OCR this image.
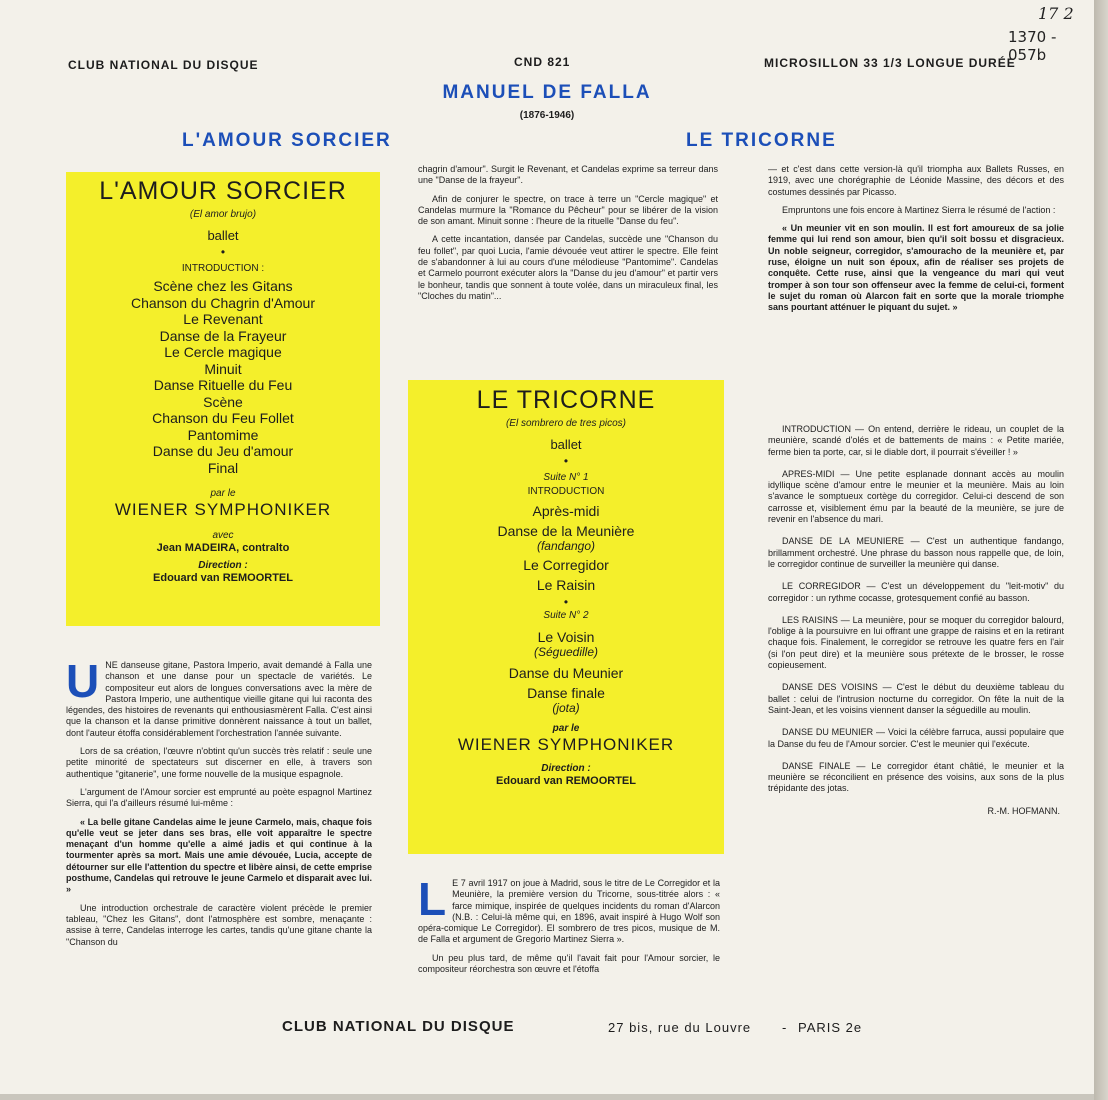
17 2
1370 - 057b
CLUB NATIONAL DU DISQUE	CND 821	MICROSILLON 33 1/3 LONGUE DURÉE
MANUEL DE FALLA
(1876-1946)
L'AMOUR SORCIER	LE TRICORNE
L'AMOUR SORCIER
(El amor brujo)
ballet
•
INTRODUCTION :
Scène chez les Gitans
Chanson du Chagrin d'Amour
Le Revenant
Danse de la Frayeur
Le Cercle magique
Minuit
Danse Rituelle du Feu
Scène
Chanson du Feu Follet
Pantomime
Danse du Jeu d'amour
Final
par le
WIENER SYMPHONIKER
avec
Jean MADEIRA, contralto
Direction :
Edouard van REMOORTEL
LE TRICORNE
(El sombrero de tres picos)
ballet
•
Suite N° 1
INTRODUCTION
Après-midi
Danse de la Meunière
(fandango)
Le Corregidor
Le Raisin
•
Suite N° 2
Le Voisin
(Séguedille)
Danse du Meunier
Danse finale
(jota)
par le
WIENER SYMPHONIKER
Direction :
Edouard van REMOORTEL

UNE danseuse gitane, Pastora Imperio, avait demandé à Falla une chanson et une danse pour un spectacle de variétés. Le compositeur eut alors de longues conversations avec la mère de Pastora Imperio, une authentique vieille gitane qui lui raconta des légendes, des histoires de revenants qui enthousiasmèrent Falla. C'est ainsi que la chanson et la danse primitive donnèrent naissance à tout un ballet, dont l'auteur étoffa considérablement l'orchestration l'année suivante.

Lors de sa création, l'œuvre n'obtint qu'un succès très relatif : seule une petite minorité de spectateurs sut discerner en elle, à travers son authentique "gitanerie", une forme nouvelle de la musique espagnole.

L'argument de l'Amour sorcier est emprunté au poète espagnol Martinez Sierra, qui l'a d'ailleurs résumé lui-même :

« La belle gitane Candelas aime le jeune Carmelo, mais, chaque fois qu'elle veut se jeter dans ses bras, elle voit apparaître le spectre menaçant d'un homme qu'elle a aimé jadis et qui continue à la tourmenter après sa mort. Mais une amie dévouée, Lucia, accepte de détourner sur elle l'attention du spectre et libère ainsi, de cette emprise posthume, Candelas qui retrouve le jeune Carmelo et disparait avec lui. »

Une introduction orchestrale de caractère violent précède le premier tableau, "Chez les Gitans", dont l'atmosphère est sombre, menaçante : assise à terre, Candelas interroge les cartes, tandis qu'une gitane chante la "Chanson du

chagrin d'amour". Surgit le Revenant, et Candelas exprime sa terreur dans une "Danse de la frayeur".

Afin de conjurer le spectre, on trace à terre un "Cercle magique" et Candelas murmure la "Romance du Pêcheur" pour se libérer de la vision de son amant. Minuit sonne : l'heure de la rituelle "Danse du feu".

A cette incantation, dansée par Candelas, succède une "Chanson du feu follet", par quoi Lucia, l'amie dévouée veut attirer le spectre. Elle feint de s'abandonner à lui au cours d'une mélodieuse "Pantomime". Candelas et Carmelo pourront exécuter alors la "Danse du jeu d'amour" et partir vers le bonheur, tandis que sonnent à toute volée, dans un miraculeux final, les "Cloches du matin"...

L E 7 avril 1917 on joue à Madrid, sous le titre de Le Corregidor et la Meunière, la première version du Tricorne, sous-titrée alors : « farce mimique, inspirée de quelques incidents du roman d'Alarcon (N.B. : Celui-là même qui, en 1896, avait inspiré à Hugo Wolf son opéra-comique Le Corregidor). El sombrero de tres picos, musique de M. de Falla et argument de Gregorio Martinez Sierra ».

Un peu plus tard, de même qu'il l'avait fait pour l'Amour sorcier, le compositeur réorchestra son œuvre et l'étoffa

— et c'est dans cette version-là qu'il triompha aux Ballets Russes, en 1919, avec une chorégraphie de Léonide Massine, des décors et des costumes dessinés par Picasso.

Empruntons une fois encore à Martinez Sierra le résumé de l'action :

« Un meunier vit en son moulin. Il est fort amoureux de sa jolie femme qui lui rend son amour, bien qu'il soit bossu et disgracieux. Un noble seigneur, corregidor, s'amouracho de la meunière et, par ruse, éloigne un nuit son époux, afin de réaliser ses projets de conquête. Cette ruse, ainsi que la vengeance du mari qui veut tromper à son tour son offenseur avec la femme de celui-ci, forment le sujet du roman où Alarcon fait en sorte que la morale triomphe sans pourtant atténuer le piquant du sujet. »

INTRODUCTION — On entend, derrière le rideau, un couplet de la meunière, scandé d'olés et de battements de mains : « Petite mariée, ferme bien ta porte, car, si le diable dort, il pourrait s'éveiller ! »

APRES-MIDI — Une petite esplanade donnant accès au moulin idyllique scène d'amour entre le meunier et la meunière. Mais au loin s'avance le somptueux cortège du corregidor. Celui-ci descend de son carrosse et, visiblement ému par la beauté de la meunière, se jure de revenir en l'absence du mari.

DANSE DE LA MEUNIERE — C'est un authentique fandango, brillamment orchestré. Une phrase du basson nous rappelle que, de loin, le corregidor continue de surveiller la meunière qui danse.

LE CORREGIDOR — C'est un développement du "leit-motiv" du corregidor : un rythme cocasse, grotesquement confié au basson.

LES RAISINS — La meunière, pour se moquer du corregidor balourd, l'oblige à la poursuivre en lui offrant une grappe de raisins et en la retirant chaque fois. Finalement, le corregidor se retrouve les quatre fers en l'air (si l'on peut dire) et la meunière sous prétexte de le brosser, le rosse copieusement.

DANSE DES VOISINS — C'est le début du deuxième tableau du ballet : celui de l'intrusion nocturne du corregidor. On fête la nuit de la Saint-Jean, et les voisins viennent danser la séguedille au moulin.

DANSE DU MEUNIER — Voici la célèbre farruca, aussi populaire que la Danse du feu de l'Amour sorcier. C'est le meunier qui l'exécute.

DANSE FINALE — Le corregidor étant châtié, le meunier et la meunière se réconcilient en présence des voisins, aux sons de la plus trépidante des jotas.

R.-M. HOFMANN.
CLUB NATIONAL DU DISQUE	27 bis, rue du Louvre - PARIS 2e
